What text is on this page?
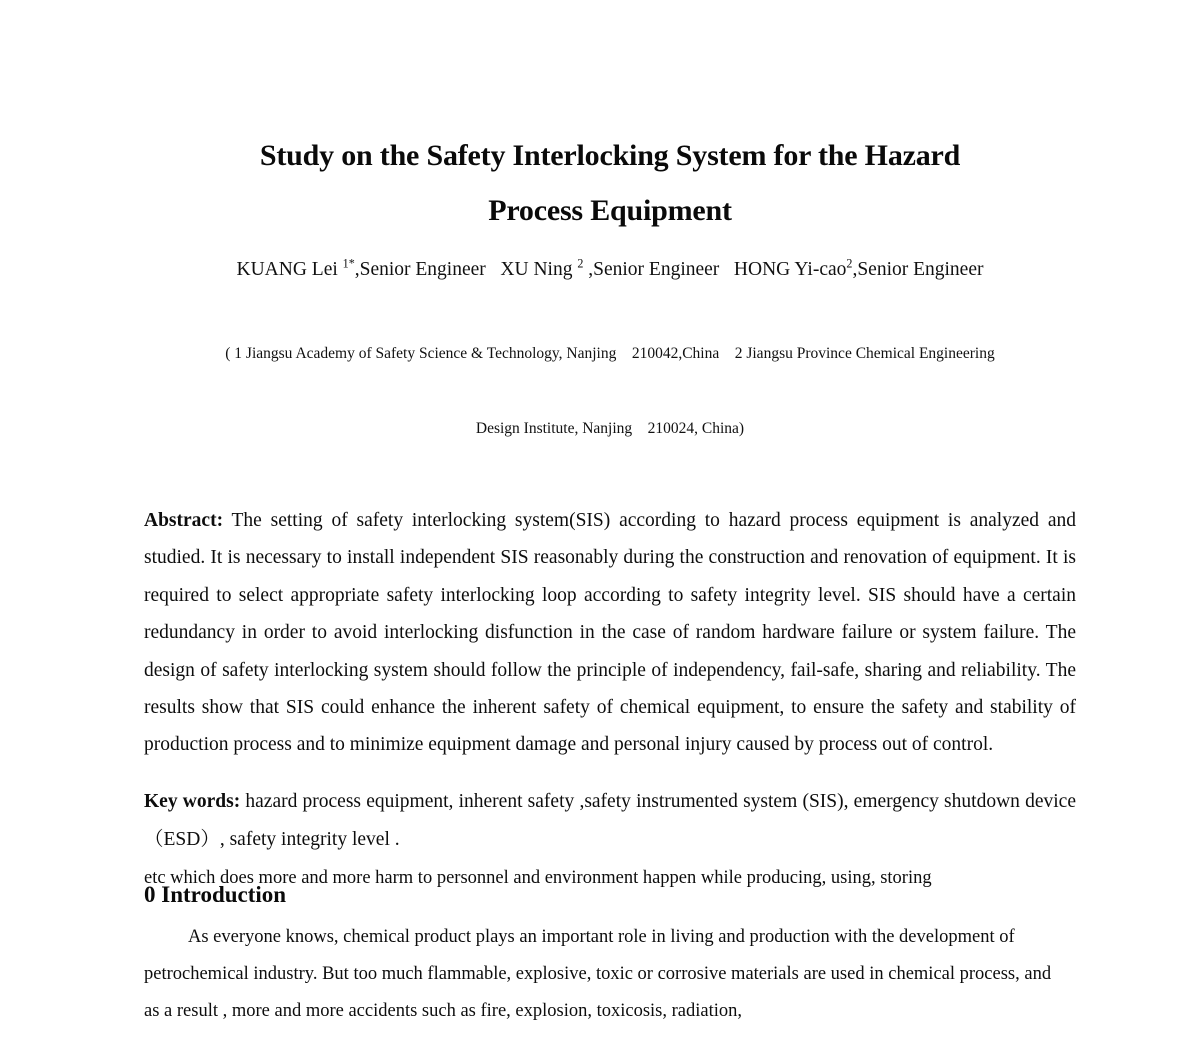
Study on the Safety Interlocking System for the Hazard
Process Equipment
KUANG Lei $^{1*}$,Senior Engineer   XU Ning $^2$ ,Senior Engineer   HONG Yi-cao$^2$,Senior Engineer

( 1 Jiangsu Academy of Safety Science & Technology, Nanjing    210042,China    2 Jiangsu Province Chemical Engineering

Design Institute, Nanjing    210024, China)

Abstract: The setting of safety interlocking system(SIS) according to hazard process equipment is analyzed and studied. It is necessary to install independent SIS reasonably during the construction and renovation of equipment. It is required to select appropriate safety interlocking loop according to safety integrity level. SIS should have a certain redundancy in order to avoid interlocking disfunction in the case of random hardware failure or system failure. The design of safety interlocking system should follow the principle of independency, fail-safe, sharing and reliability. The results show that SIS could enhance the inherent safety of chemical equipment, to ensure the safety and stability of production process and to minimize equipment damage and personal injury caused by process out of control.

Key words: hazard process equipment, inherent safety ,safety instrumented system (SIS), emergency shutdown device（ESD）, safety integrity level .

0 Introduction

As everyone knows, chemical product plays an important role in living and production with the development of petrochemical industry. But too much flammable, explosive, toxic or corrosive materials are used in chemical process, and as a result , more and more accidents such as fire, explosion, toxicosis, radiation,

etc which does more and more harm to personnel and environment happen while producing, using, storing
